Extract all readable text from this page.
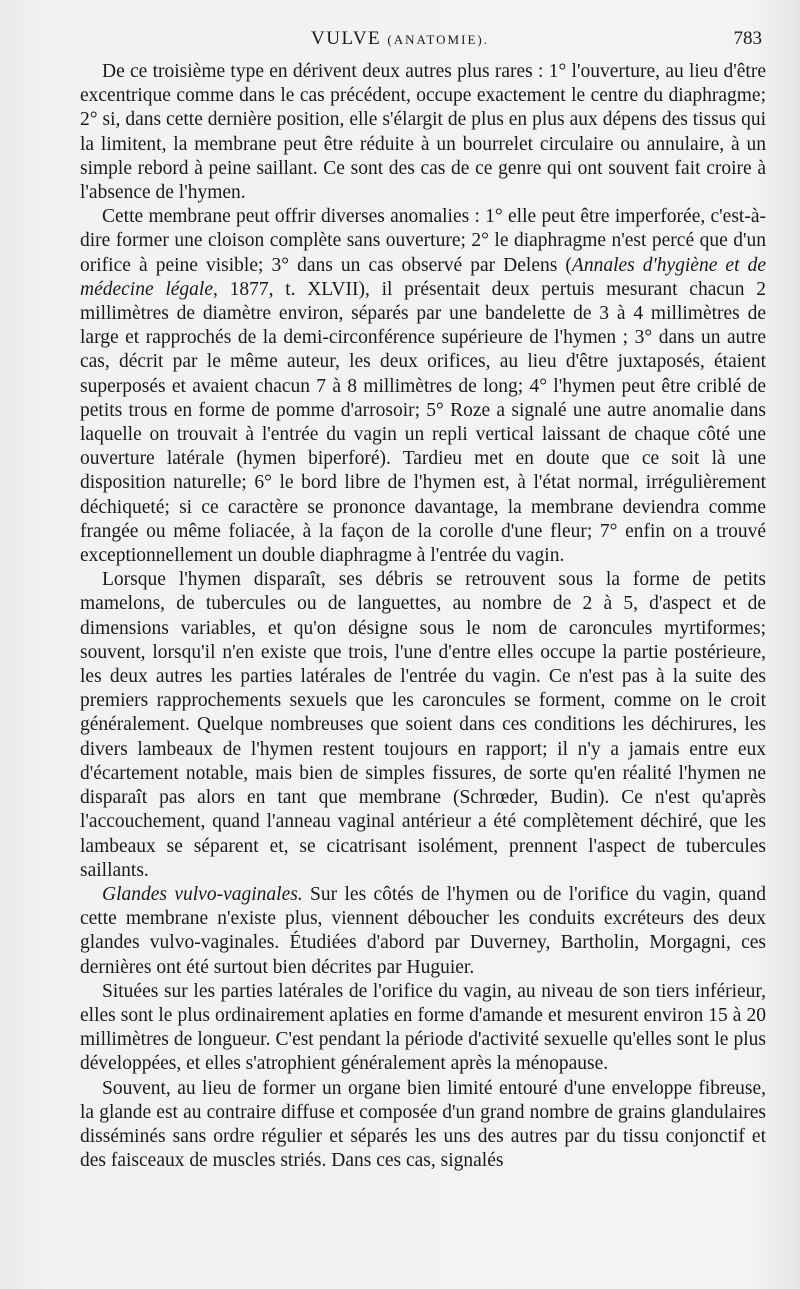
VULVE (ANATOMIE).	783

De ce troisième type en dérivent deux autres plus rares : 1° l'ouverture, au lieu d'être excentrique comme dans le cas précédent, occupe exactement le centre du diaphragme; 2° si, dans cette dernière position, elle s'élargit de plus en plus aux dépens des tissus qui la limitent, la membrane peut être réduite à un bourrelet circulaire ou annulaire, à un simple rebord à peine saillant. Ce sont des cas de ce genre qui ont souvent fait croire à l'absence de l'hymen.

Cette membrane peut offrir diverses anomalies : 1° elle peut être imperforée, c'est-à-dire former une cloison complète sans ouverture; 2° le diaphragme n'est percé que d'un orifice à peine visible; 3° dans un cas observé par Delens (Annales d'hygiène et de médecine légale, 1877, t. XLVII), il présentait deux pertuis mesurant chacun 2 millimètres de diamètre environ, séparés par une bandelette de 3 à 4 millimètres de large et rapprochés de la demi-circonférence supérieure de l'hymen ; 3° dans un autre cas, décrit par le même auteur, les deux orifices, au lieu d'être juxtaposés, étaient superposés et avaient chacun 7 à 8 millimètres de long; 4° l'hymen peut être criblé de petits trous en forme de pomme d'arrosoir; 5° Roze a signalé une autre anomalie dans laquelle on trouvait à l'entrée du vagin un repli vertical laissant de chaque côté une ouverture latérale (hymen biperforé). Tardieu met en doute que ce soit là une disposition naturelle; 6° le bord libre de l'hymen est, à l'état normal, irrégulièrement déchiqueté; si ce caractère se prononce davantage, la membrane deviendra comme frangée ou même foliacée, à la façon de la corolle d'une fleur; 7° enfin on a trouvé exceptionnellement un double diaphragme à l'entrée du vagin.

Lorsque l'hymen disparaît, ses débris se retrouvent sous la forme de petits mamelons, de tubercules ou de languettes, au nombre de 2 à 5, d'aspect et de dimensions variables, et qu'on désigne sous le nom de caroncules myrtiformes; souvent, lorsqu'il n'en existe que trois, l'une d'entre elles occupe la partie postérieure, les deux autres les parties latérales de l'entrée du vagin. Ce n'est pas à la suite des premiers rapprochements sexuels que les caroncules se forment, comme on le croit généralement. Quelque nombreuses que soient dans ces conditions les déchirures, les divers lambeaux de l'hymen restent toujours en rapport; il n'y a jamais entre eux d'écartement notable, mais bien de simples fissures, de sorte qu'en réalité l'hymen ne disparaît pas alors en tant que membrane (Schrœder, Budin). Ce n'est qu'après l'accouchement, quand l'anneau vaginal antérieur a été complètement déchiré, que les lambeaux se séparent et, se cicatrisant isolément, prennent l'aspect de tubercules saillants.

Glandes vulvo-vaginales. Sur les côtés de l'hymen ou de l'orifice du vagin, quand cette membrane n'existe plus, viennent déboucher les conduits excréteurs des deux glandes vulvo-vaginales. Étudiées d'abord par Duverney, Bartholin, Morgagni, ces dernières ont été surtout bien décrites par Huguier.

Situées sur les parties latérales de l'orifice du vagin, au niveau de son tiers inférieur, elles sont le plus ordinairement aplaties en forme d'amande et mesurent environ 15 à 20 millimètres de longueur. C'est pendant la période d'activité sexuelle qu'elles sont le plus développées, et elles s'atrophient généralement après la ménopause.

Souvent, au lieu de former un organe bien limité entouré d'une enveloppe fibreuse, la glande est au contraire diffuse et composée d'un grand nombre de grains glandulaires disséminés sans ordre régulier et séparés les uns des autres par du tissu conjonctif et des faisceaux de muscles striés. Dans ces cas, signalés
